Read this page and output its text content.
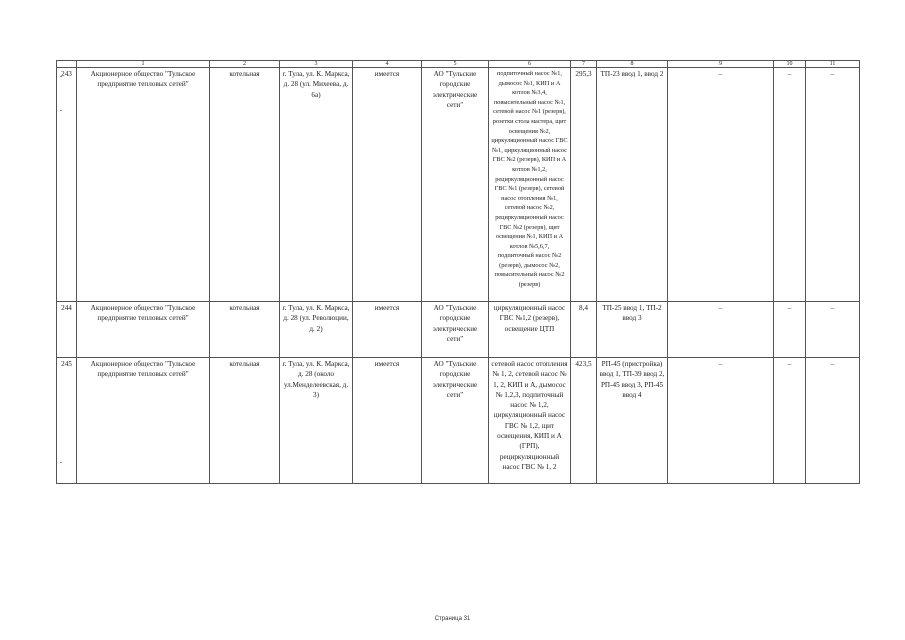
	1	2	3	4	5	6	7	8	9	10	11
243	Акционерное общество "Тульское предприятие тепловых сетей"	котельная	г. Тула, ул. К. Маркса, д. 28 (ул. Михеева, д. 6а)	имеется	АО "Тульские городские электрические сети"	подпиточный насос №1, дымосос №1, КИП и А котлов №3,4, повысительный насос №1, сетевой насос №1 (резерв), розетки стола мастера, щит освещения №2, циркуляционный насос ГВС №1, циркуляционный насос ГВС №2 (резерв), КИП и А котлов №1,2, рециркуляционный насос ГВС №1 (резерв), сетевой насос отопления №1, сетевой насос №2, рециркуляционный насос ГВС №2 (резерв), щит освещения №1, КИП и А котлов №5,6,7, подпиточный насос №2 (резерв), дымосос №2, повысительный насос №2 (резерв)	295,3	ТП-23 ввод 1, ввод 2	–	–	–
244	Акционерное общество "Тульское предприятие тепловых сетей"	котельная	г. Тула, ул. К. Маркса, д. 28 (ул. Революции, д. 2)	имеется	АО "Тульские городские электрические сети"	циркуляционный насос ГВС №1,2 (резерв), освещение ЦТП	8,4	ТП-25 ввод 1, ТП-2 ввод 3	–	–	–
245	Акционерное общество "Тульское предприятие тепловых сетей"	котельная	г. Тула, ул. К. Маркса, д. 28 (около ул.Менделеевская, д. 3)	имеется	АО "Тульские городские электрические сети"	сетевой насос отопления № 1, 2, сетевой насос № 1, 2, КИП и А, дымосос № 1,2,3, подпиточный насос № 1,2, циркуляционный насос ГВС № 1,2, щит освещения, КИП и А (ГРП), рециркуляционный насос ГВС № 1, 2	423,5	РП-45 (пристройка) ввод 1, ТП-39 ввод 2, РП-45 ввод 3, РП-45 ввод 4	–	–	–
Страница 31
